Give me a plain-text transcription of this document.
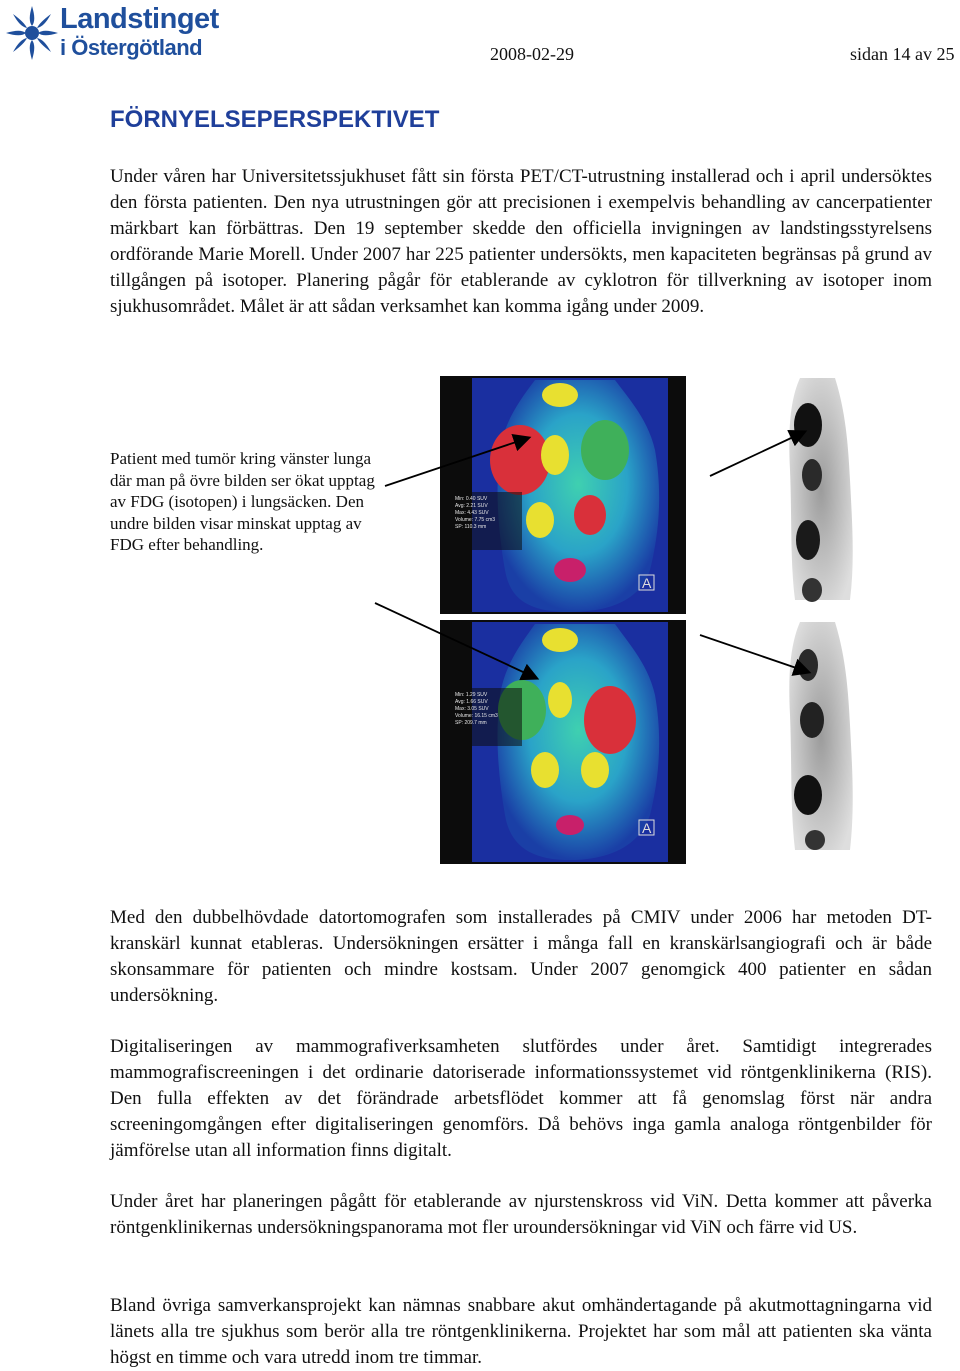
Landstinget
i Östergötland	2008-02-29	sidan 14 av 25
FÖRNYELSEPERSPEKTIVET

Under våren har Universitetssjukhuset fått sin första PET/CT-utrustning installerad och i april undersöktes den första patienten. Den nya utrustningen gör att precisionen i exempelvis behandling av cancerpatienter märkbart kan förbättras. Den 19 september skedde den officiella invigningen av landstingsstyrelsens ordförande Marie Morell. Under 2007 har 225 patienter undersökts, men kapaciteten begränsas på grund av tillgången på isotoper. Planering pågår för etablerande av cyklotron för tillverkning av isotoper inom sjukhusområdet. Målet är att sådan verksamhet kan komma igång under 2009.

Patient med tumör kring vänster lunga där man på övre bilden ser ökat upptag av FDG (isotopen) i lungsäcken. Den undre bilden visar minskat upptag av FDG efter behandling.

Min: 0.40 SUV
Avg: 2.21 SUV
Max: 4.43 SUV
Volume: 7.75 cm3
SP: 110.3 mm
A
Min: 1.29 SUV
Avg: 1.66 SUV
Max: 3.05 SUV
Volume: 16.15 cm3
SP: 209.7 mm
A

Med den dubbelhövdade datortomografen som installerades på CMIV under 2006 har metoden DT-kranskärl kunnat etableras. Undersökningen ersätter i många fall en kranskärlsangiografi och är både skonsammare för patienten och mindre kostsam. Under 2007 genomgick 400 patienter en sådan undersökning.

Digitaliseringen av mammografiverksamheten slutfördes under året. Samtidigt integrerades mammografiscreeningen i det ordinarie datoriserade informationssystemet vid röntgenklinikerna (RIS). Den fulla effekten av det förändrade arbetsflödet kommer att få genomslag först när andra screeningomgången efter digitaliseringen genomförs. Då behövs inga gamla analoga röntgenbilder för jämförelse utan all information finns digitalt.

Under året har planeringen pågått för etablerande av njurstenskross vid ViN. Detta kommer att påverka röntgenklinikernas undersökningspanorama mot fler uroundersökningar vid ViN och färre vid US.

Bland övriga samverkansprojekt kan nämnas snabbare akut omhändertagande på akutmottagningarna vid länets alla tre sjukhus som berör alla tre röntgenklinikerna. Projektet har som mål att patienten ska vänta högst en timme och vara utredd inom tre timmar.
